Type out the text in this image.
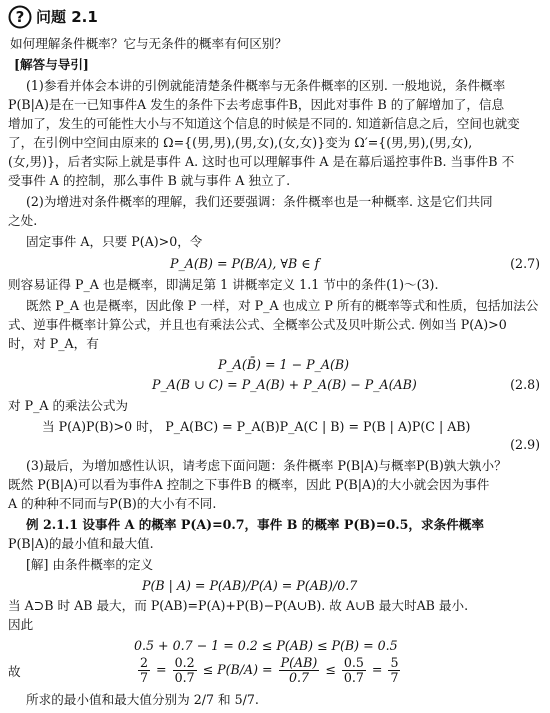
? 问题 2.1
如何理解条件概率？它与无条件的概率有何区别？
[解答与导引]
(1)参看并体会本讲的引例就能清楚条件概率与无条件概率的区别. 一般地说，条件概率
P(B|A)是在一已知事件A 发生的条件下去考虑事件B，因此对事件 B 的了解增加了，信息
增加了，发生的可能性大小与不知道这个信息的时候是不同的. 知道新信息之后，空间也就变
了，在引例中空间由原来的 Ω={(男,男),(男,女),(女,女)}变为 Ω′={(男,男),(男,女),
(女,男)}，后者实际上就是事件 A. 这时也可以理解事件 A 是在幕后遥控事件B. 当事件B 不
受事件 A 的控制，那么事件 B 就与事件 A 独立了.
(2)为增进对条件概率的理解，我们还要强调：条件概率也是一种概率. 这是它们共同
之处.
固定事件 A，只要 P(A)>0，令
P_A(B) = P(B/A), ∀B ∈ f	(2.7)
则容易证得 P_A 也是概率，即满足第 1 讲概率定义 1.1 节中的条件(1)～(3).
既然 P_A 也是概率，因此像 P 一样，对 P_A 也成立 P 所有的概率等式和性质，包括加法公
式、逆事件概率计算公式，并且也有乘法公式、全概率公式及贝叶斯公式. 例如当 P(A)>0
时，对 P_A，有
P_A(B̄) = 1 − P_A(B)
P_A(B ∪ C) = P_A(B) + P_A(B) − P_A(AB)	(2.8)
对 P_A 的乘法公式为
当 P(A)P(B)>0 时， P_A(BC) = P_A(B)P_A(C | B) = P(B | A)P(C | AB)
(2.9)
(3)最后，为增加感性认识，请考虑下面问题：条件概率 P(B|A)与概率P(B)孰大孰小？
既然 P(B|A)可以看为事件A 控制之下事件B 的概率，因此 P(B|A)的大小就会因为事件
A 的种种不同而与P(B)的大小有不同.
例 2.1.1 设事件 A 的概率 P(A)=0.7，事件 B 的概率 P(B)=0.5，求条件概率
P(B|A)的最小值和最大值.
[解] 由条件概率的定义
P(B | A) = P(AB)/P(A) = P(AB)/0.7
当 A⊃B 时 AB 最大，而 P(AB)=P(A)+P(B)−P(A∪B). 故 A∪B 最大时AB 最小.
因此
0.5 + 0.7 − 1 = 0.2 ≤ P(AB) ≤ P(B) = 0.5
故	$\frac{2}{7} = \frac{0.2}{0.7} \le P(B/A) = \frac{P(AB)}{0.7} \le \frac{0.5}{0.7} = \frac{5}{7}$
所求的最小值和最大值分别为 2/7 和 5/7.
